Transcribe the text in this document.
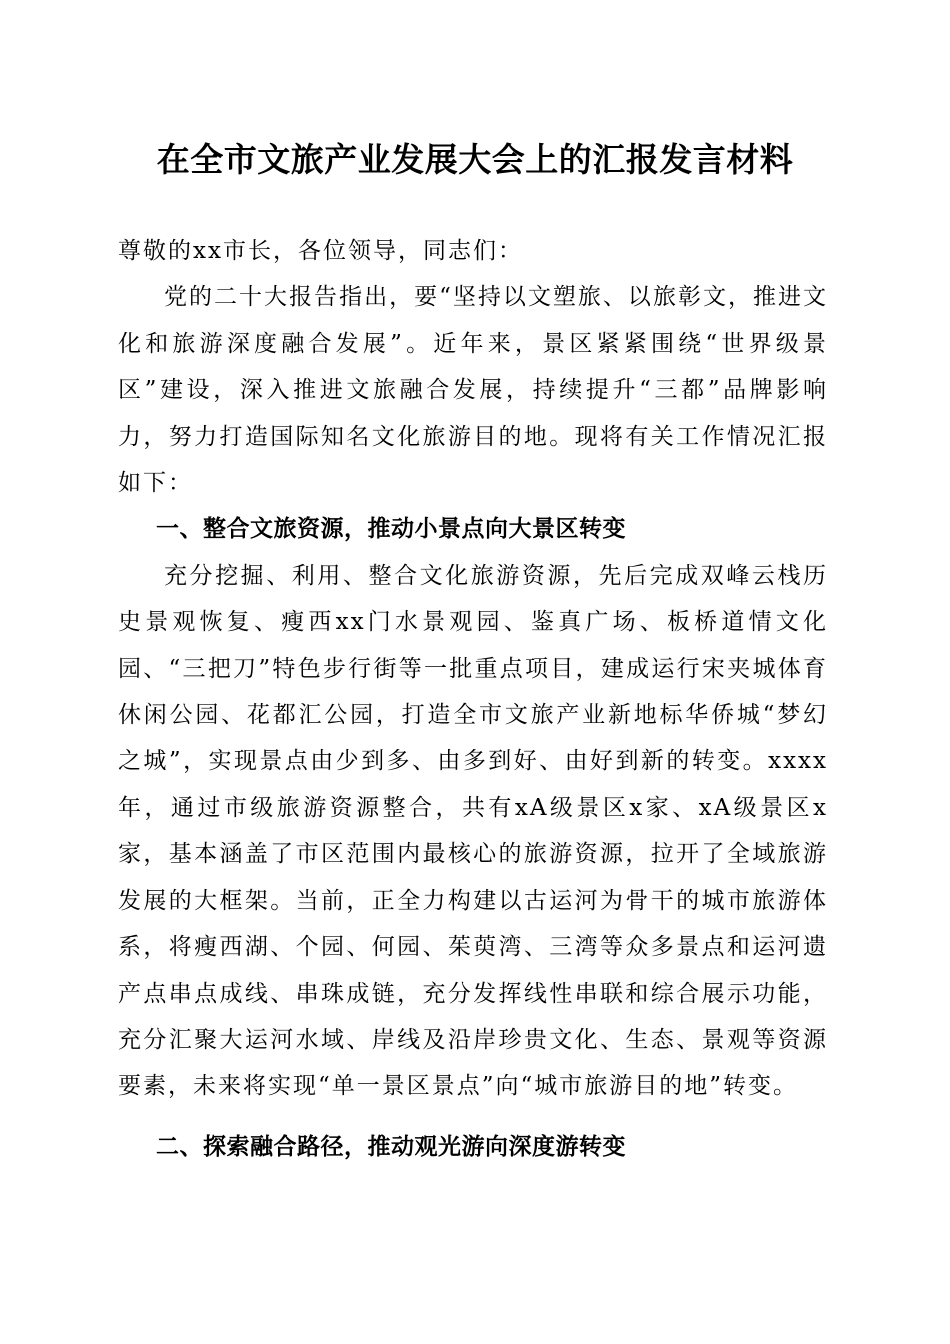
在全市文旅产业发展大会上的汇报发言材料

尊敬的xx市长，各位领导，同志们：

党的二十大报告指出，要“坚持以文塑旅、以旅彰文，推进文化和旅游深度融合发展”。近年来，景区紧紧围绕“世界级景区”建设，深入推进文旅融合发展，持续提升“三都”品牌影响力，努力打造国际知名文化旅游目的地。现将有关工作情况汇报如下：

一、整合文旅资源，推动小景点向大景区转变

充分挖掘、利用、整合文化旅游资源，先后完成双峰云栈历史景观恢复、瘦西xx门水景观园、鉴真广场、板桥道情文化园、“三把刀”特色步行街等一批重点项目，建成运行宋夹城体育休闲公园、花都汇公园，打造全市文旅产业新地标华侨城“梦幻之城”，实现景点由少到多、由多到好、由好到新的转变。xxxx年，通过市级旅游资源整合，共有xA级景区x家、xA级景区x家，基本涵盖了市区范围内最核心的旅游资源，拉开了全域旅游发展的大框架。当前，正全力构建以古运河为骨干的城市旅游体系，将瘦西湖、个园、何园、茱萸湾、三湾等众多景点和运河遗产点串点成线、串珠成链，充分发挥线性串联和综合展示功能，充分汇聚大运河水域、岸线及沿岸珍贵文化、生态、景观等资源要素，未来将实现“单一景区景点”向“城市旅游目的地”转变。

二、探索融合路径，推动观光游向深度游转变
